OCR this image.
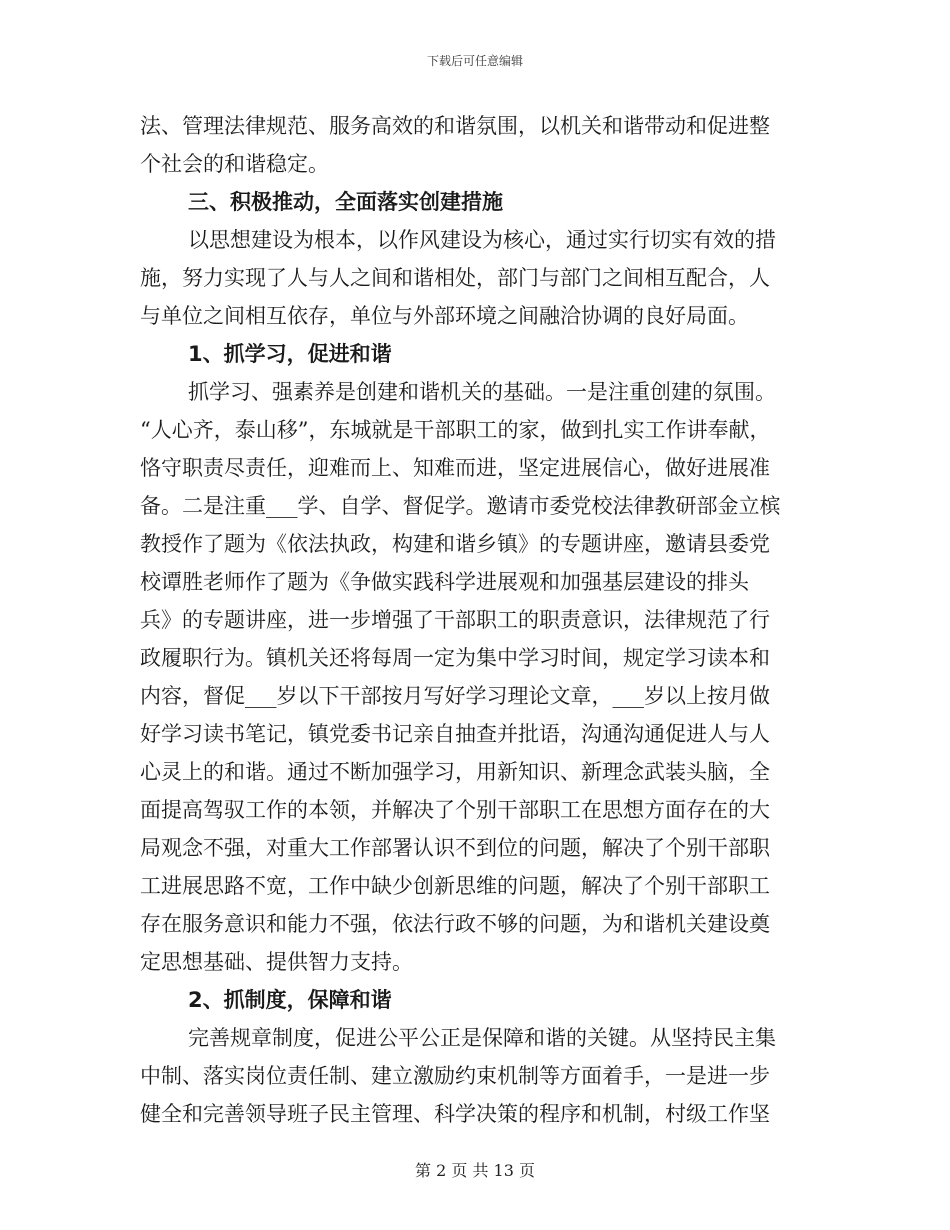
下载后可任意编辑
法、管理法律规范、服务高效的和谐氛围，以机关和谐带动和促进整
个社会的和谐稳定。
三、积极推动，全面落实创建措施
以思想建设为根本，以作风建设为核心，通过实行切实有效的措
施，努力实现了人与人之间和谐相处，部门与部门之间相互配合，人
与单位之间相互依存，单位与外部环境之间融洽协调的良好局面。
1、抓学习，促进和谐
抓学习、强素养是创建和谐机关的基础。一是注重创建的氛围。
“人心齐，泰山移”，东城就是干部职工的家，做到扎实工作讲奉献，
恪守职责尽责任，迎难而上、知难而进，坚定进展信心，做好进展准
备。二是注重___学、自学、督促学。邀请市委党校法律教研部金立槟
教授作了题为《依法执政，构建和谐乡镇》的专题讲座，邀请县委党
校谭胜老师作了题为《争做实践科学进展观和加强基层建设的排头
兵》的专题讲座，进一步增强了干部职工的职责意识，法律规范了行
政履职行为。镇机关还将每周一定为集中学习时间，规定学习读本和
内容，督促___岁以下干部按月写好学习理论文章，___岁以上按月做
好学习读书笔记，镇党委书记亲自抽查并批语，沟通沟通促进人与人
心灵上的和谐。通过不断加强学习，用新知识、新理念武装头脑，全
面提高驾驭工作的本领，并解决了个别干部职工在思想方面存在的大
局观念不强，对重大工作部署认识不到位的问题，解决了个别干部职
工进展思路不宽，工作中缺少创新思维的问题，解决了个别干部职工
存在服务意识和能力不强，依法行政不够的问题，为和谐机关建设奠
定思想基础、提供智力支持。
2、抓制度，保障和谐
完善规章制度，促进公平公正是保障和谐的关键。从坚持民主集
中制、落实岗位责任制、建立激励约束机制等方面着手，一是进一步
健全和完善领导班子民主管理、科学决策的程序和机制，村级工作坚
第 2 页 共 13 页
